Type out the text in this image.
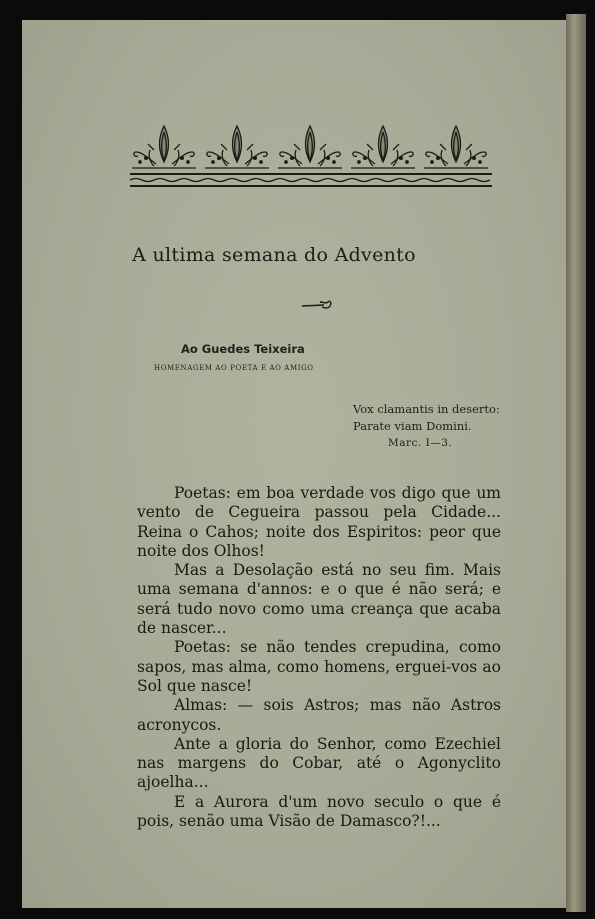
A ultima semana do Advento
Ao Guedes Teixeira
HOMENAGEM AO POETA E AO AMIGO
Vox clamantis in deserto:
Parate viam Domini.
Marc. I—3.

Poetas: em boa verdade vos digo que um vento de Cegueira passou pela Cidade... Reina o Cahos; noite dos Espiritos: peor que noite dos Olhos!

Mas a Desolação está no seu fim. Mais uma semana d'annos: e o que é não será; e será tudo novo como uma creança que acaba de nascer...

Poetas: se não tendes crepudina, como sapos, mas alma, como homens, erguei-vos ao Sol que nasce!

Almas: — sois Astros; mas não Astros acronycos.

Ante a gloria do Senhor, como Ezechiel nas margens do Cobar, até o Agonyclito ajoelha...

E a Aurora d'um novo seculo o que é pois, senão uma Visão de Damasco?!...
